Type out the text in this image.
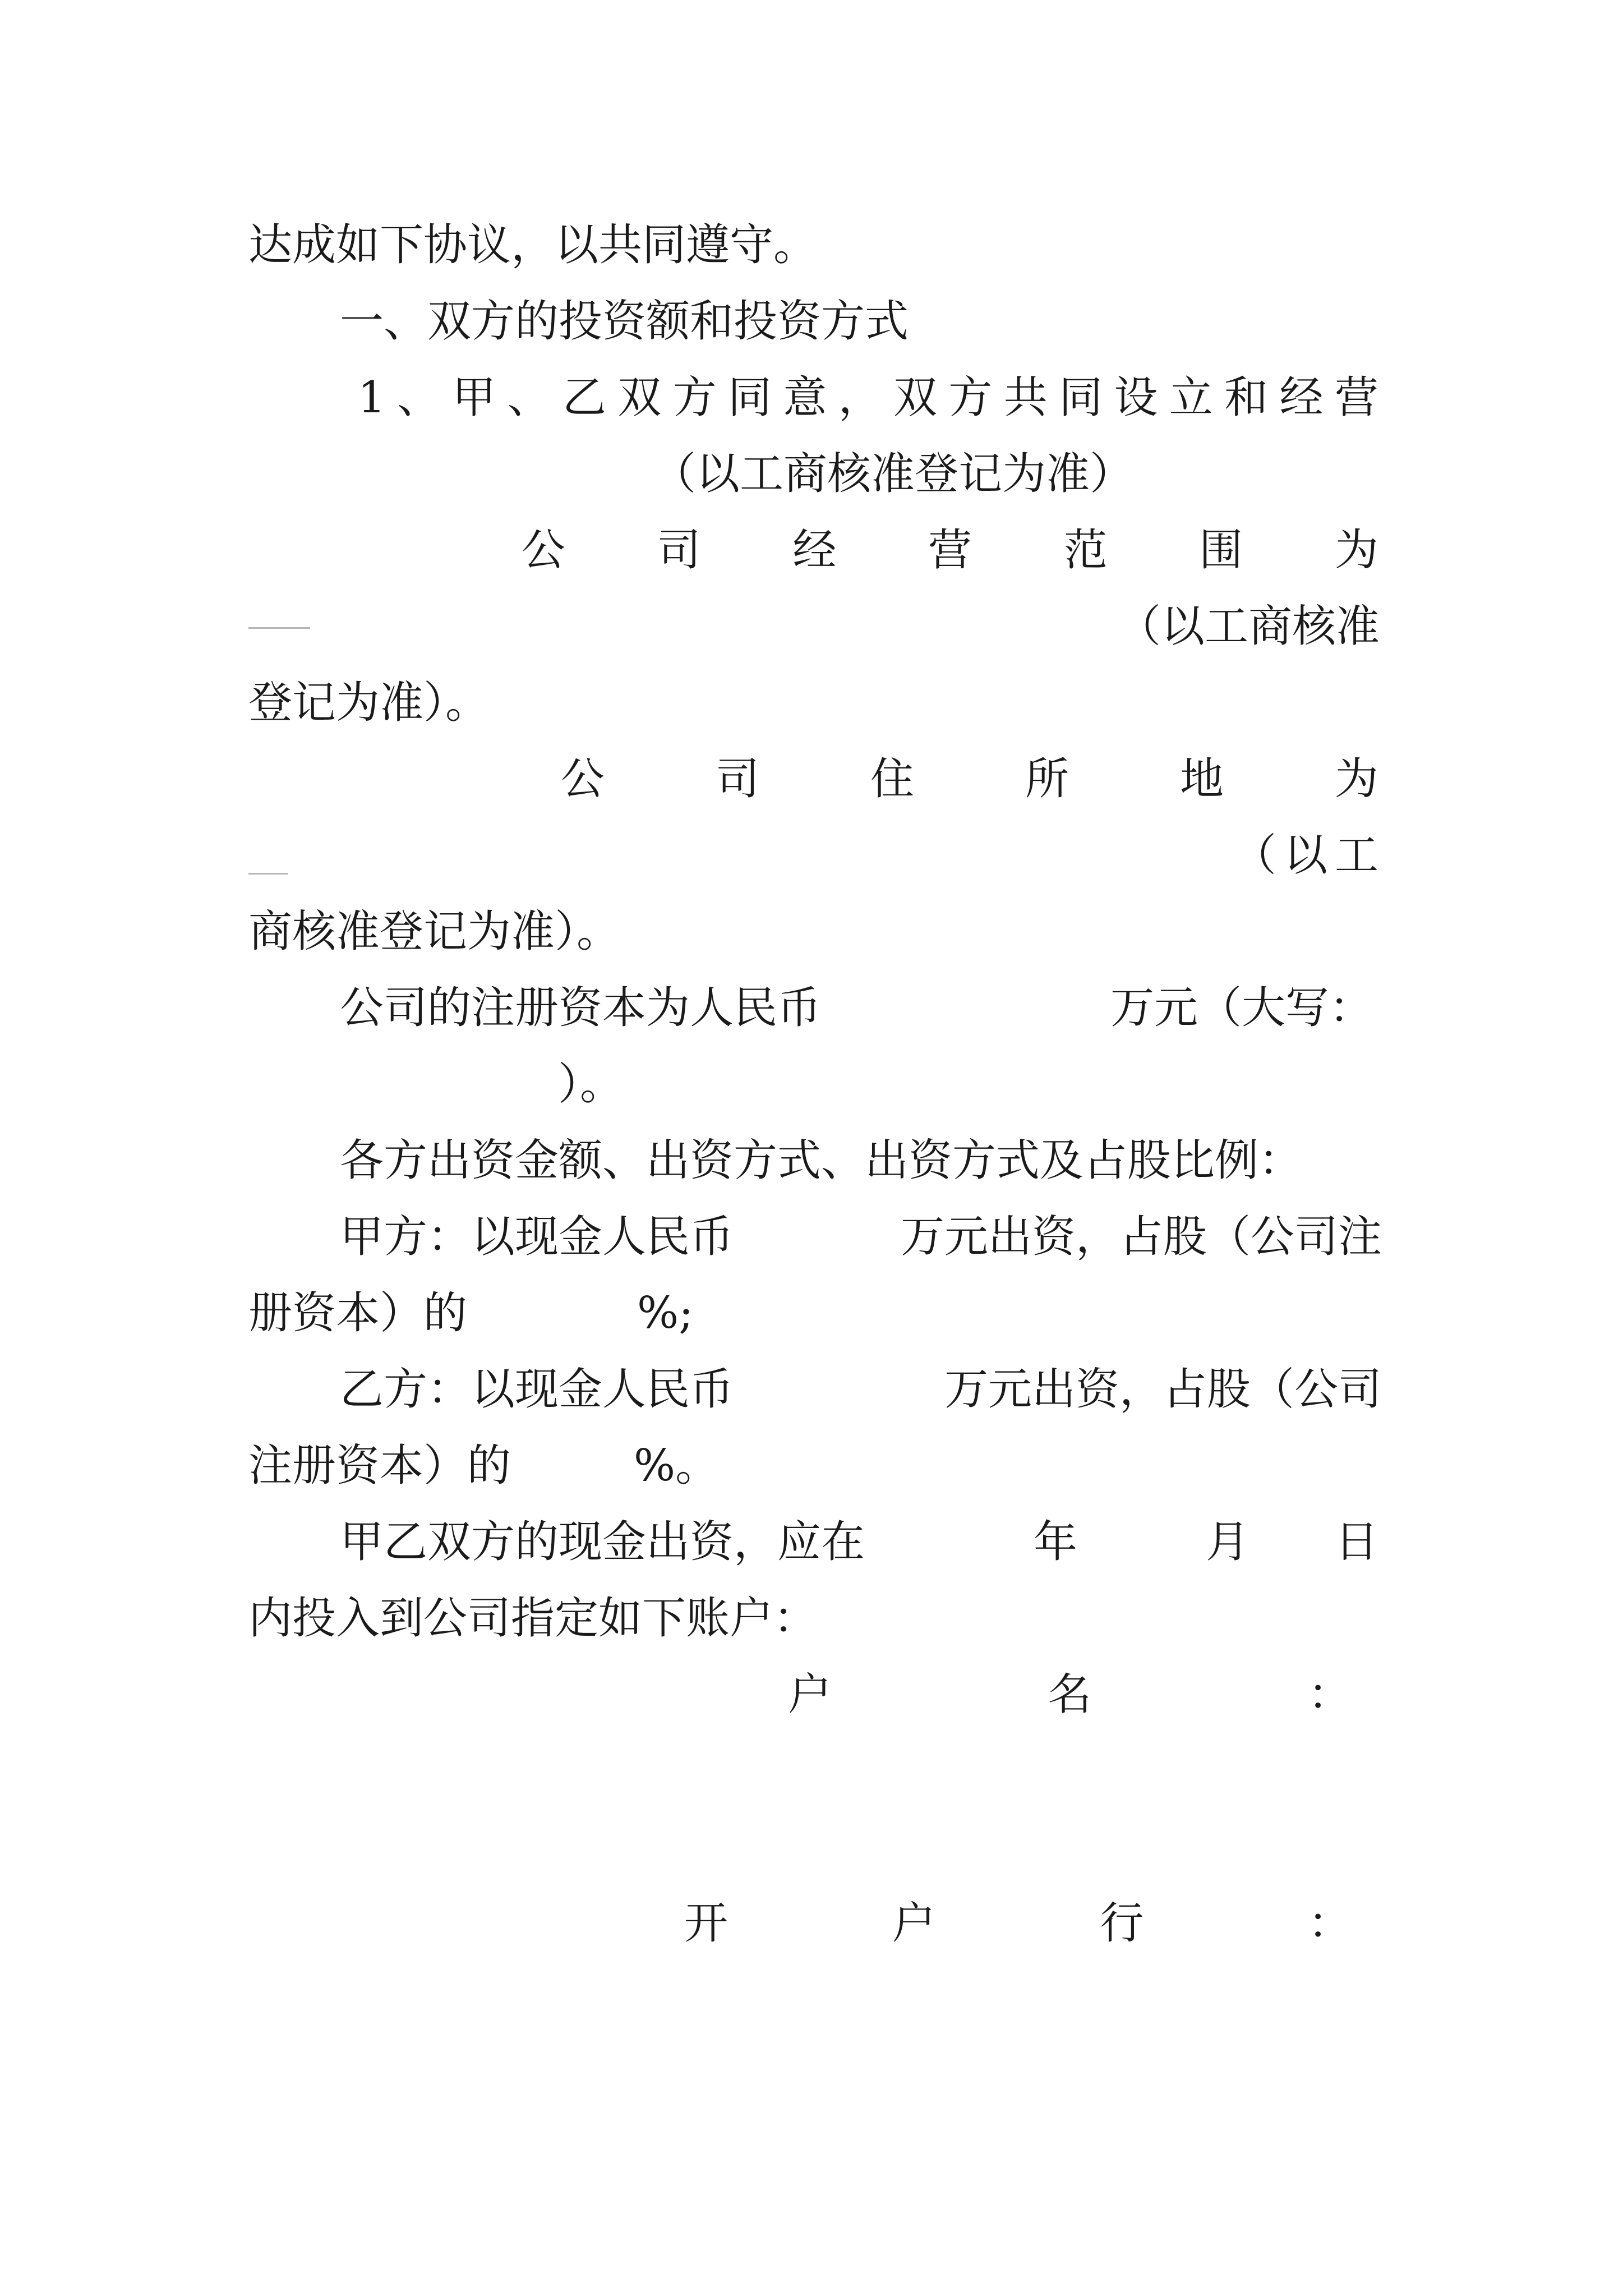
达成如下协议，以共同遵守。
一、双方的投资额和投资方式
1 、 甲 、 乙 双 方 同 意 ， 双 方 共 同 设 立 和 经 营
（以工商核准登记为准）
公 司 经 营 范 围 为
（以工商核准
登记为准）。
公	司	住	所	地	为
（ 以 工
商核准登记为准）。
公司的注册资本为人民币	万元（大写：
）。
各方出资金额、出资方式、出资方式及占股比例：
甲方：以现金人民币	万元出资，占股（公司注
册资本）的	%;
乙方：以现金人民币	万元出资，占股（公司
注册资本）的	%。
甲乙双方的现金出资，应在	年	月 日
内投入到公司指定如下账户：
户	名	：
开	户	行	：
